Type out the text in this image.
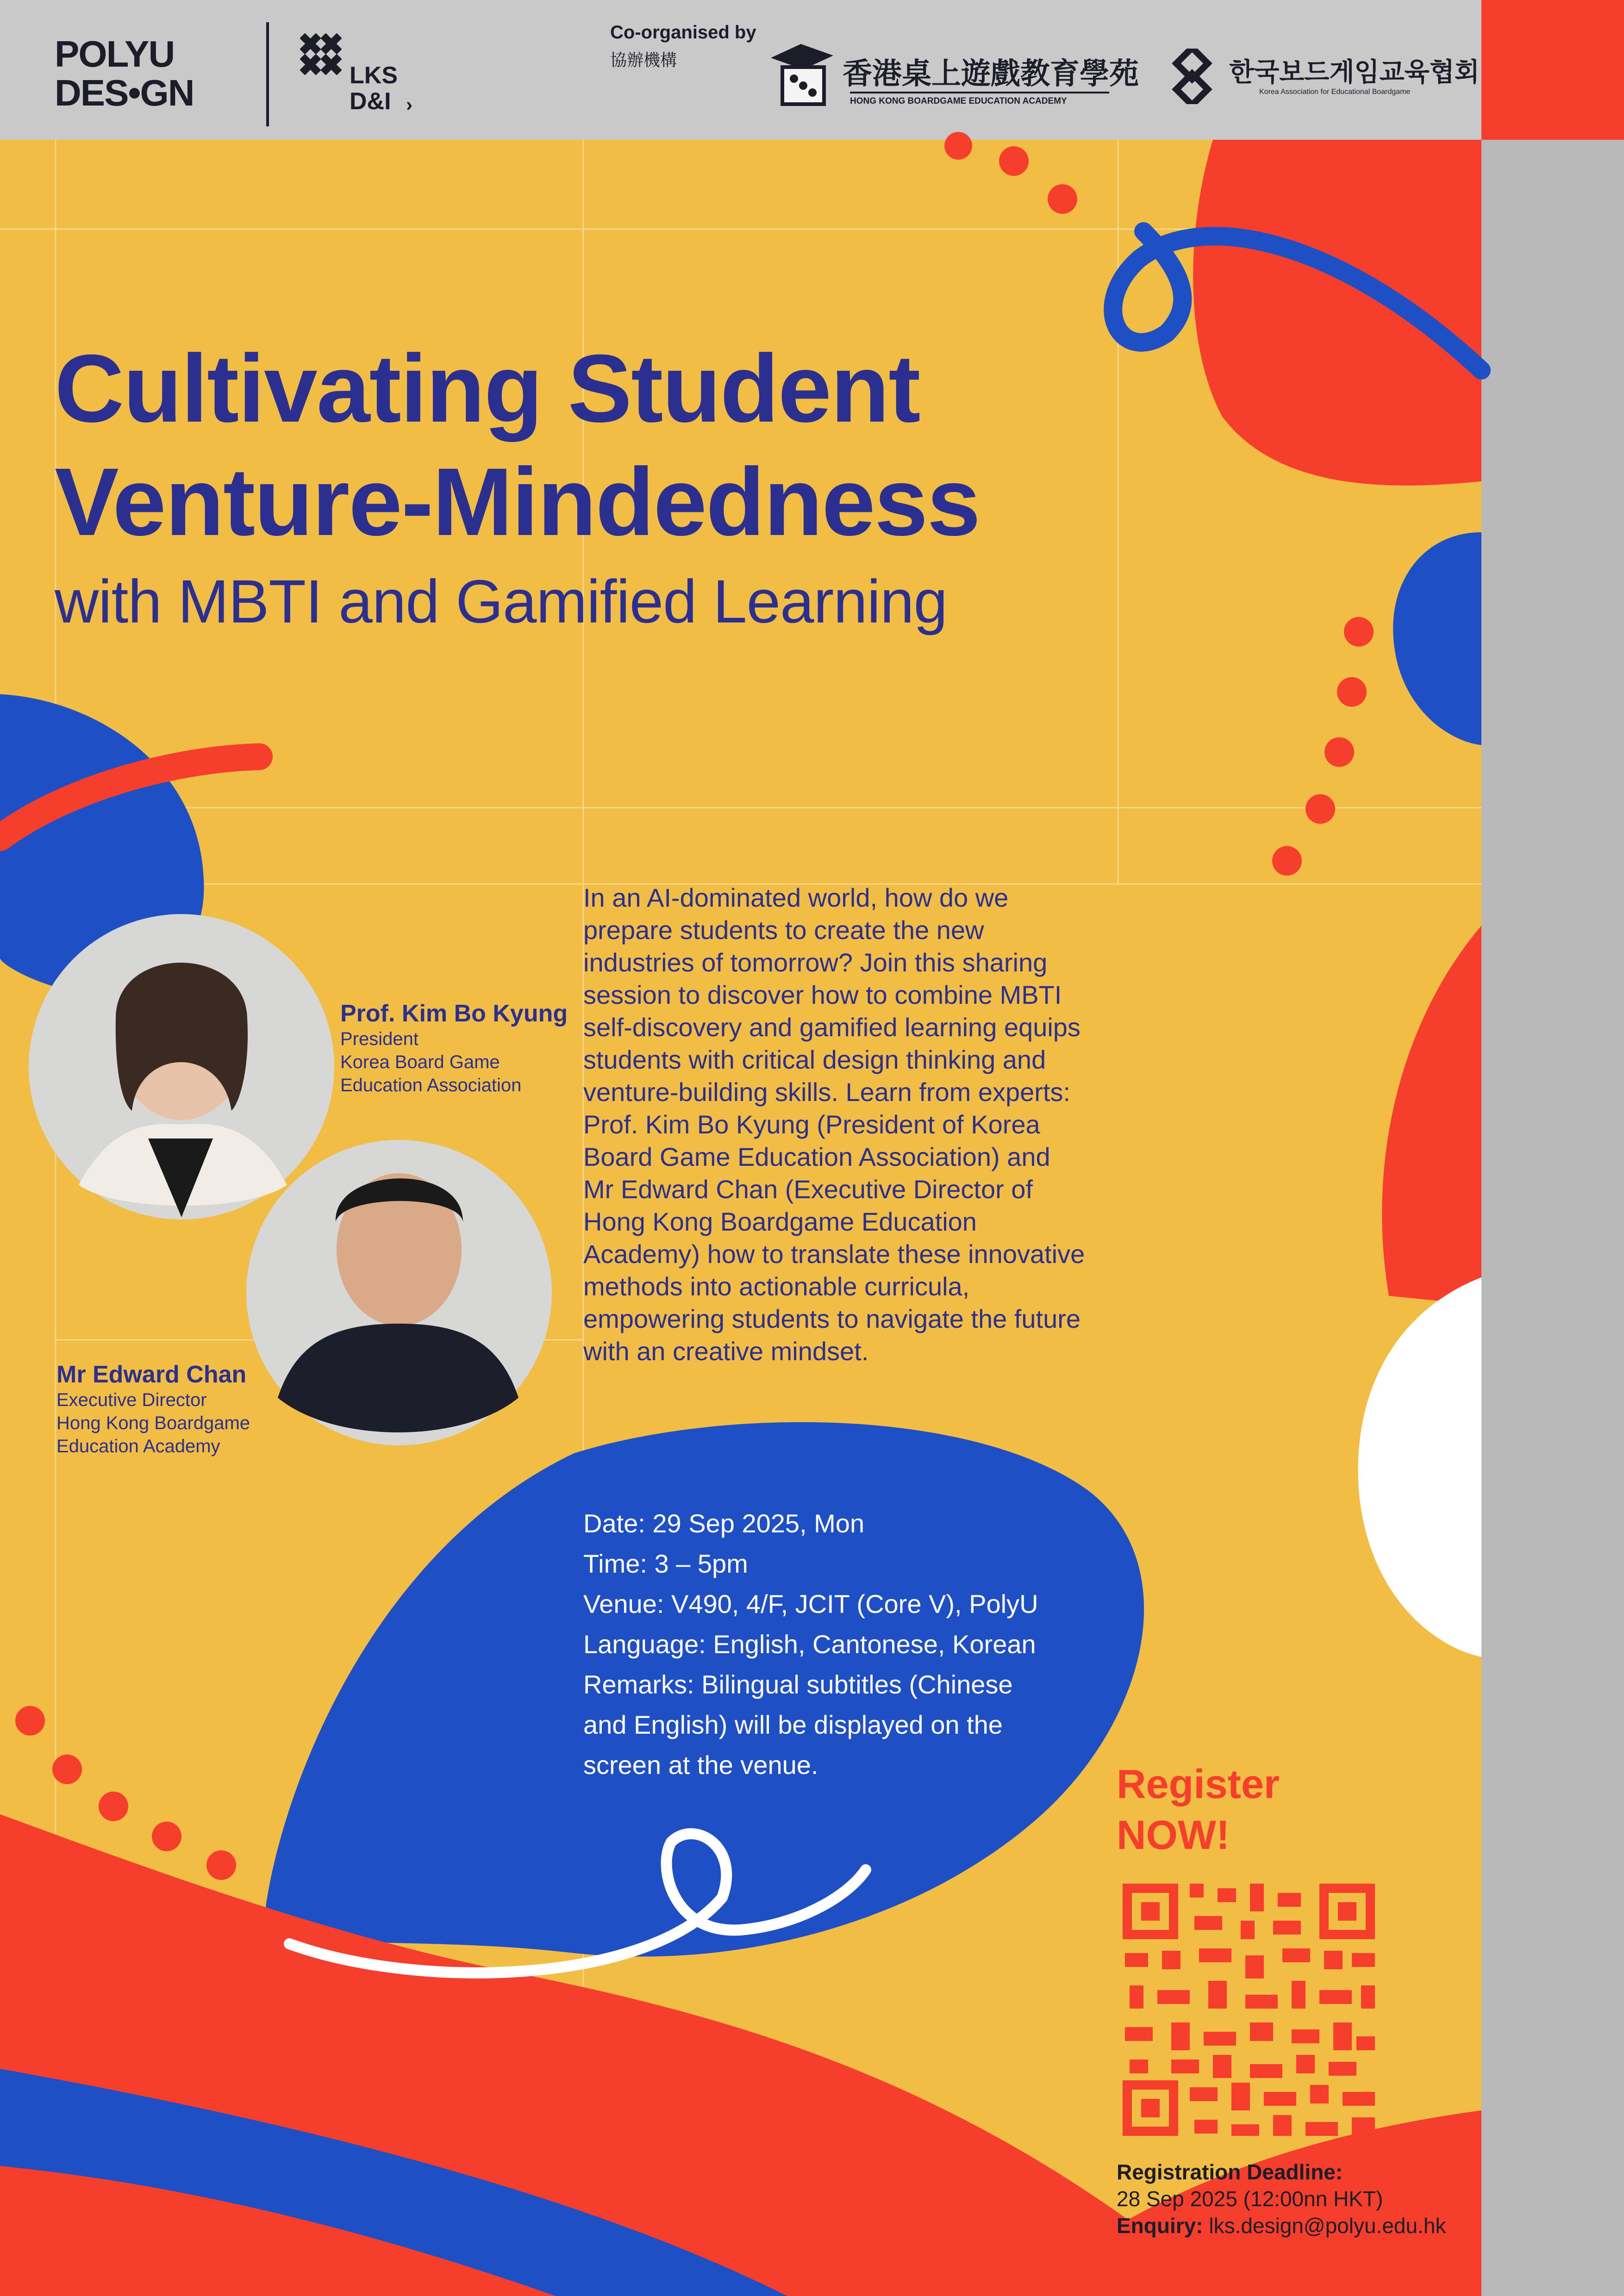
POLYU
DES•GN	LKS
D&I ›
Co-organised by
協辦機構	香港桌上遊戲教育學苑
HONG KONG BOARDGAME EDUCATION ACADEMY
한국보드게임교육협회
Korea Association for Educational Boardgame
Cultivating Student
Venture-Mindedness
with MBTI and Gamified Learning
Prof. Kim Bo Kyung
President
Korea Board Game
Education Association
Mr Edward Chan
Executive Director
Hong Kong Boardgame
Education Academy
In an AI-dominated world, how do we
prepare students to create the new
industries of tomorrow? Join this sharing
session to discover how to combine MBTI
self-discovery and gamified learning equips
students with critical design thinking and
venture-building skills. Learn from experts:
Prof. Kim Bo Kyung (President of Korea
Board Game Education Association) and
Mr Edward Chan (Executive Director of
Hong Kong Boardgame Education
Academy) how to translate these innovative
methods into actionable curricula,
empowering students to navigate the future
with an creative mindset.
Date: 29 Sep 2025, Mon
Time: 3 – 5pm
Venue: V490, 4/F, JCIT (Core V), PolyU
Language: English, Cantonese, Korean
Remarks: Bilingual subtitles (Chinese
and English) will be displayed on the
screen at the venue.	Register
NOW!
Registration Deadline:
28 Sep 2025 (12:00nn HKT)
Enquiry: lks.design@polyu.edu.hk
